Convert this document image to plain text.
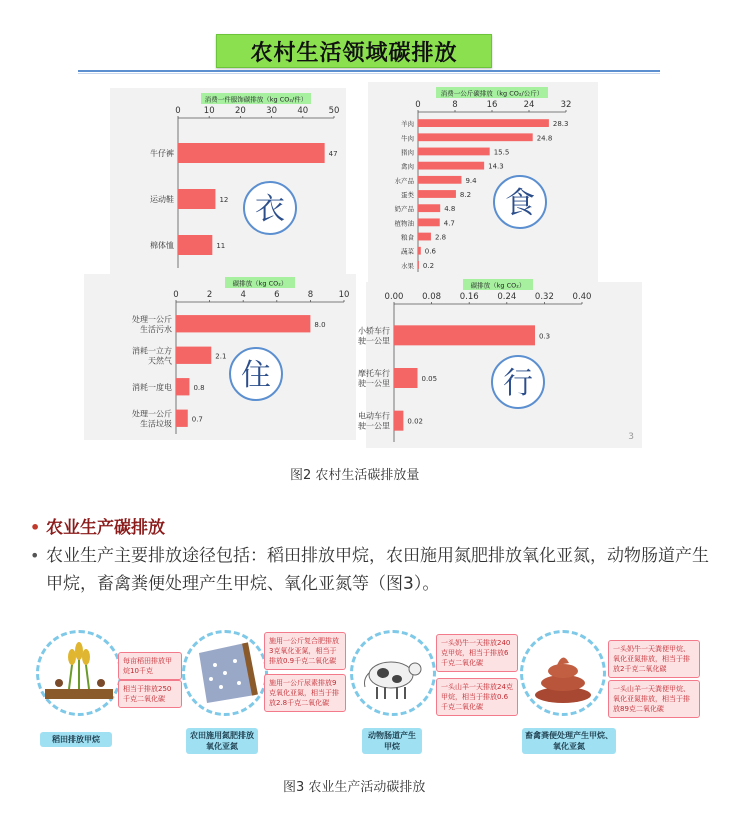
农村生活领域碳排放
消费一件服饰碳排放（kg CO₂/件）
0	10 20 30 40 50
47
牛仔裤
12
运动鞋
11
棉体恤
衣
消费一公斤碳排放（kg CO₂/公斤）
0	8	16	24	32
28.3
羊肉
24.8
牛肉
15.5
猪肉
14.3
禽肉
9.4
水产品
8.2
蛋类
4.8
奶产品
4.7
植物油
2.8
粮食
0.6
蔬菜
0.2
水果
食
碳排放（kg CO₂）
0	2	4	6	8	10
8.0
处理一公斤
生活污水
2.1
消耗一立方
天然气
0.8
消耗一度电
0.7
处理一公斤
生活垃圾
住
碳排放（kg CO₂）
0.00 0.08 0.16 0.24 0.32 0.40
0.3
小轿车行
驶一公里
0.05
摩托车行
驶一公里
0.02
电动车行
驶一公里
行
3
图2 农村生活碳排放量
• 农业生产碳排放
• 农业生产主要排放途径包括：稻田排放甲烷，农田施用氮肥排放氧化亚氮，动物肠道产生甲烷，畜禽粪便处理产生甲烷、氧化亚氮等（图3）。
每亩稻田排放甲烷10千克
相当于排放250千克二氧化碳
稻田排放甲烷
施用一公斤复合肥排放3克氧化亚氮，相当于排放0.9千克二氧化碳
施用一公斤尿素排放9克氧化亚氮，相当于排放2.8千克二氧化碳
农田施用氮肥排放氧化亚氮
一头奶牛一天排放240克甲烷，相当于排放6千克二氧化碳
一头山羊一天排放24克甲烷，相当于排放0.6千克二氧化碳
动物肠道产生甲烷
一头奶牛一天粪便甲烷、氧化亚氮排放，相当于排放2千克二氧化碳
一头山羊一天粪便甲烷、氧化亚氮排放，相当于排放89克二氧化碳
畜禽粪便处理产生甲烷、氧化亚氮
图3 农业生产活动碳排放
